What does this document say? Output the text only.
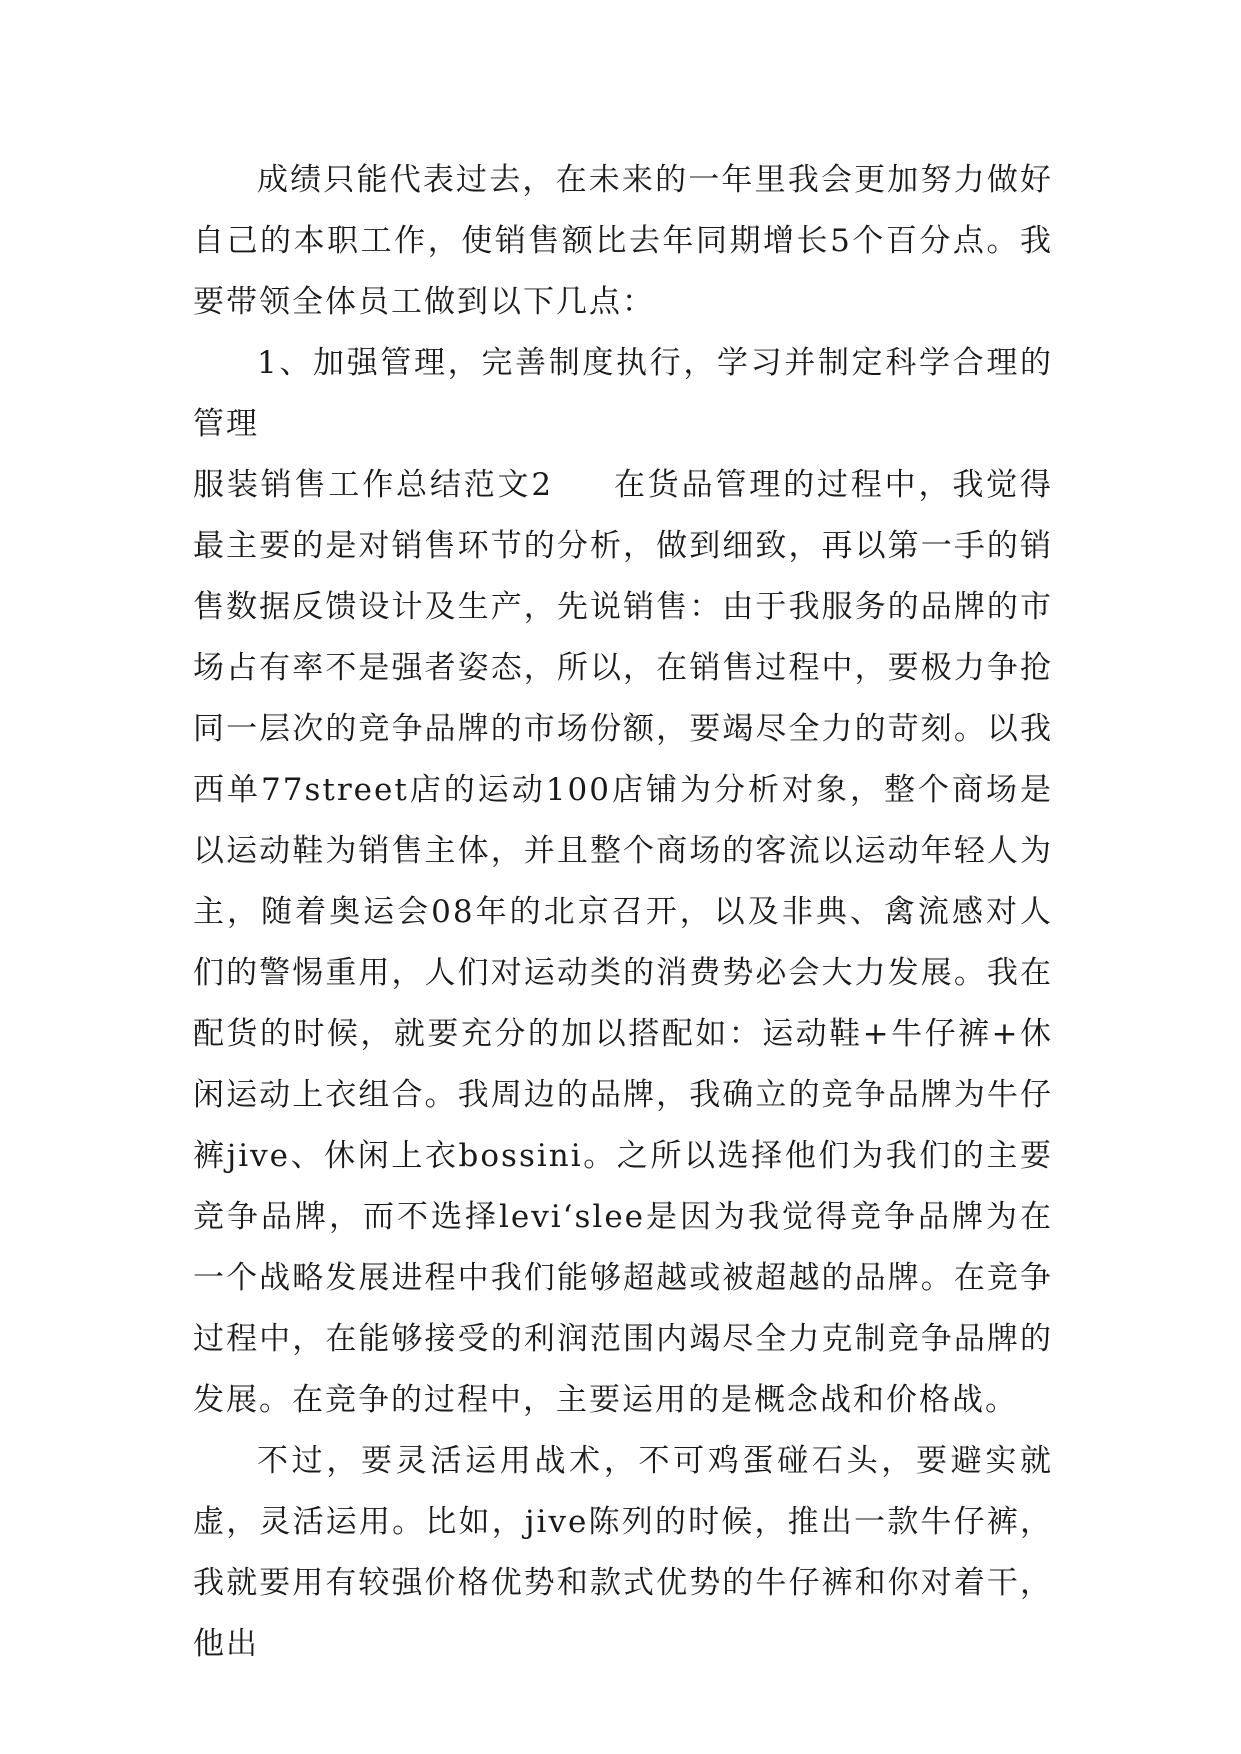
成绩只能代表过去，在未来的一年里我会更加努力做好自己的本职工作，使销售额比去年同期增长5个百分点。我要带领全体员工做到以下几点：

1、加强管理，完善制度执行，学习并制定科学合理的管理

服装销售工作总结范文2 在货品管理的过程中，我觉得最主要的是对销售环节的分析，做到细致，再以第一手的销售数据反馈设计及生产，先说销售：由于我服务的品牌的市场占有率不是强者姿态，所以，在销售过程中，要极力争抢同一层次的竞争品牌的市场份额，要竭尽全力的苛刻。以我西单77street店的运动100店铺为分析对象，整个商场是以运动鞋为销售主体，并且整个商场的客流以运动年轻人为主，随着奥运会08年的北京召开，以及非典、禽流感对人们的警惕重用，人们对运动类的消费势必会大力发展。我在配货的时候，就要充分的加以搭配如：运动鞋+牛仔裤+休闲运动上衣组合。我周边的品牌，我确立的竞争品牌为牛仔裤jive、休闲上衣bossini。之所以选择他们为我们的主要竞争品牌，而不选择levi‘slee是因为我觉得竞争品牌为在一个战略发展进程中我们能够超越或被超越的品牌。在竞争过程中，在能够接受的利润范围内竭尽全力克制竞争品牌的发展。在竞争的过程中，主要运用的是概念战和价格战。

不过，要灵活运用战术，不可鸡蛋碰石头，要避实就虚，灵活运用。比如，jive陈列的时候，推出一款牛仔裤，我就要用有较强价格优势和款式优势的牛仔裤和你对着干，他出
